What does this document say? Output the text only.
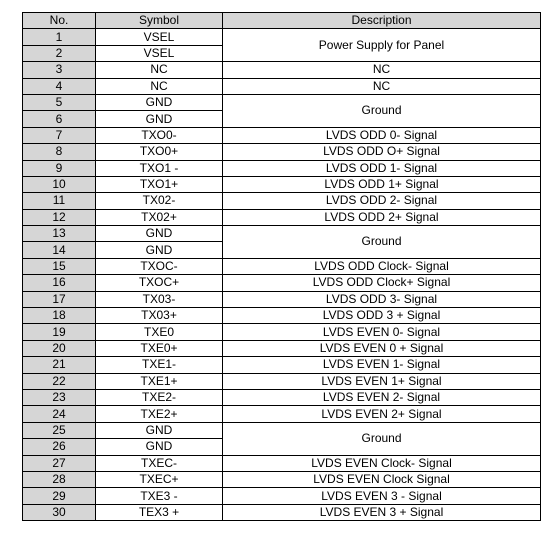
No.	Symbol	Description
1	VSEL	Power Supply for Panel
2	VSEL	
3	NC	NC
4	NC	NC
5	GND	Ground
6	GND	
7	TXO0-	LVDS ODD 0- Signal
8	TXO0+	LVDS ODD O+ Signal
9	TXO1 -	LVDS ODD 1- Signal
10	TXO1+	LVDS ODD 1+ Signal
11	TX02-	LVDS ODD 2- Signal
12	TX02+	LVDS ODD 2+ Signal
13	GND	Ground
14	GND	
15	TXOC-	LVDS ODD Clock- Signal
16	TXOC+	LVDS ODD Clock+ Signal
17	TX03-	LVDS ODD 3- Signal
18	TX03+	LVDS ODD 3 + Signal
19	TXE0	LVDS EVEN 0- Signal
20	TXE0+	LVDS EVEN 0 + Signal
21	TXE1-	LVDS EVEN 1- Signal
22	TXE1+	LVDS EVEN 1+ Signal
23	TXE2-	LVDS EVEN 2- Signal
24	TXE2+	LVDS EVEN 2+ Signal
25	GND	Ground
26	GND	
27	TXEC-	LVDS EVEN Clock- Signal
28	TXEC+	LVDS EVEN Clock Signal
29	TXE3 -	LVDS EVEN 3 - Signal
30	TEX3 +	LVDS EVEN 3 + Signal
